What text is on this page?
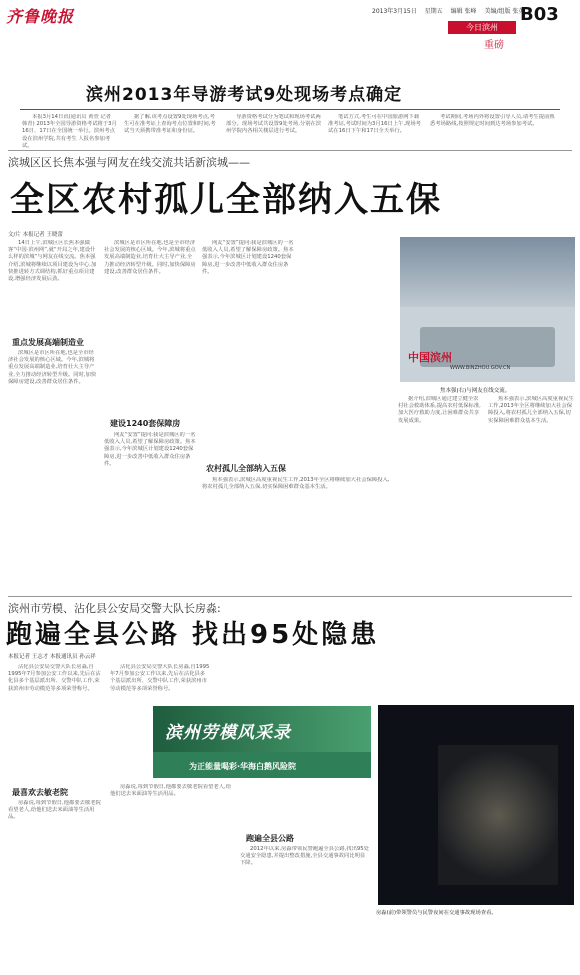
齐鲁晚报	2013年3月15日 星期五 编辑 张峰 美编/组版 张英
B03
今日滨州
重磅
滨州2013年导游考试9处现场考点确定

本报3月14日讯(通讯员 黄萱 记者 韩青) 2013年全国导游资格考试将于3月16日、17日在全国统一举行。滨州考点设在滨州学院,共有考生 人报名参加考试。

据了解,该考点设置9处现场考点,考生可在准考证上查询考点位置和时间,考试当天须携带准考证和身份证。

导游资格考试分为笔试和现场考试两部分。现场考试共设置9处考场,分别在滨州学院内各相关楼层进行考试。

笔试方式,考生可在中国旅游网下载准考证,考试时间为3月16日上午,现场考试在16日下午和17日全天举行。

考试期间,考场内外将设置引导人员,请考生提前熟悉考场路线,按照规定时间到达考场参加考试。

滨城区区长焦本强与网友在线交流共话新滨城——
全区农村孤儿全部纳入五保
文/片 本报记者 王晓蕾

14日上午,滨城区区长焦本强做客“中国·滨州网”,就“开局之年,建设什么样的滨城”与网友在线交流。焦本强介绍,滨城将继续以项目建设为中心,加快推进转方式调结构,抓好重点项目建设,增强经济发展后劲。

重点发展高端制造业

滨城区是市区所在地,也是全市经济社会发展的核心区域。今年,滨城将重点发展高端制造业,培育壮大主导产业,全力推动经济转型升级。同时,加快保障房建设,改善群众居住条件。

滨城区是市区所在地,也是全市经济社会发展的核心区域。今年,滨城将重点发展高端制造业,培育壮大主导产业,全力推动经济转型升级。同时,加快保障房建设,改善群众居住条件。

建设1240套保障房

网友“安置”提问:我是滨城区的一名低收入人员,希望了解保障房政策。焦本强表示,今年滨城区计划建设1240套保障房,进一步改善中低收入群众住房条件。

网友“安置”提问:我是滨城区的一名低收入人员,希望了解保障房政策。焦本强表示,今年滨城区计划建设1240套保障房,进一步改善中低收入群众住房条件。

农村孤儿全部纳入五保

焦本强表示,滨城区高度重视民生工作,2013年全区将继续加大社会保障投入,将农村孤儿全部纳入五保,切实保障困难群众基本生活。

中国滨州
WWW.BINZHOU.GOV.CN
焦本强(右)与网友在线交流。

据介绍,滨城区通过建立健全农村社会救助体系,提高农村低保标准,加大医疗救助力度,让困难群众共享发展成果。

焦本强表示,滨城区高度重视民生工作,2013年全区将继续加大社会保障投入,将农村孤儿全部纳入五保,切实保障困难群众基本生活。

滨州市劳模、沾化县公安局交警大队长房淼:
跑遍全县公路 找出95处隐患
本报记者 王志才 本报通讯员 孙云祥

沾化县公安局交警大队长房淼,自1995年7月参加公安工作以来,先后在沾化县多个基层派出所、交警中队工作,荣获滨州市劳动模范等多项荣誉称号。

最喜欢去敏老院

房淼说,每到节假日,他都要去敬老院看望老人,给他们送去米面油等生活用品。

沾化县公安局交警大队长房淼,自1995年7月参加公安工作以来,先后在沾化县多个基层派出所、交警中队工作,荣获滨州市劳动模范等多项荣誉称号。

滨州劳模风采录
为正能量喝彩·华海白鹅风险院

房淼说,每到节假日,他都要去敬老院看望老人,给他们送去米面油等生活用品。

跑遍全县公路

2012年以来,房淼带领民警跑遍全县公路,找出95处交通安全隐患,并提出整改措施,全县交通事故同比明显下降。

房淼(前)带领警员与民警夜间在交通事故现场查看。
